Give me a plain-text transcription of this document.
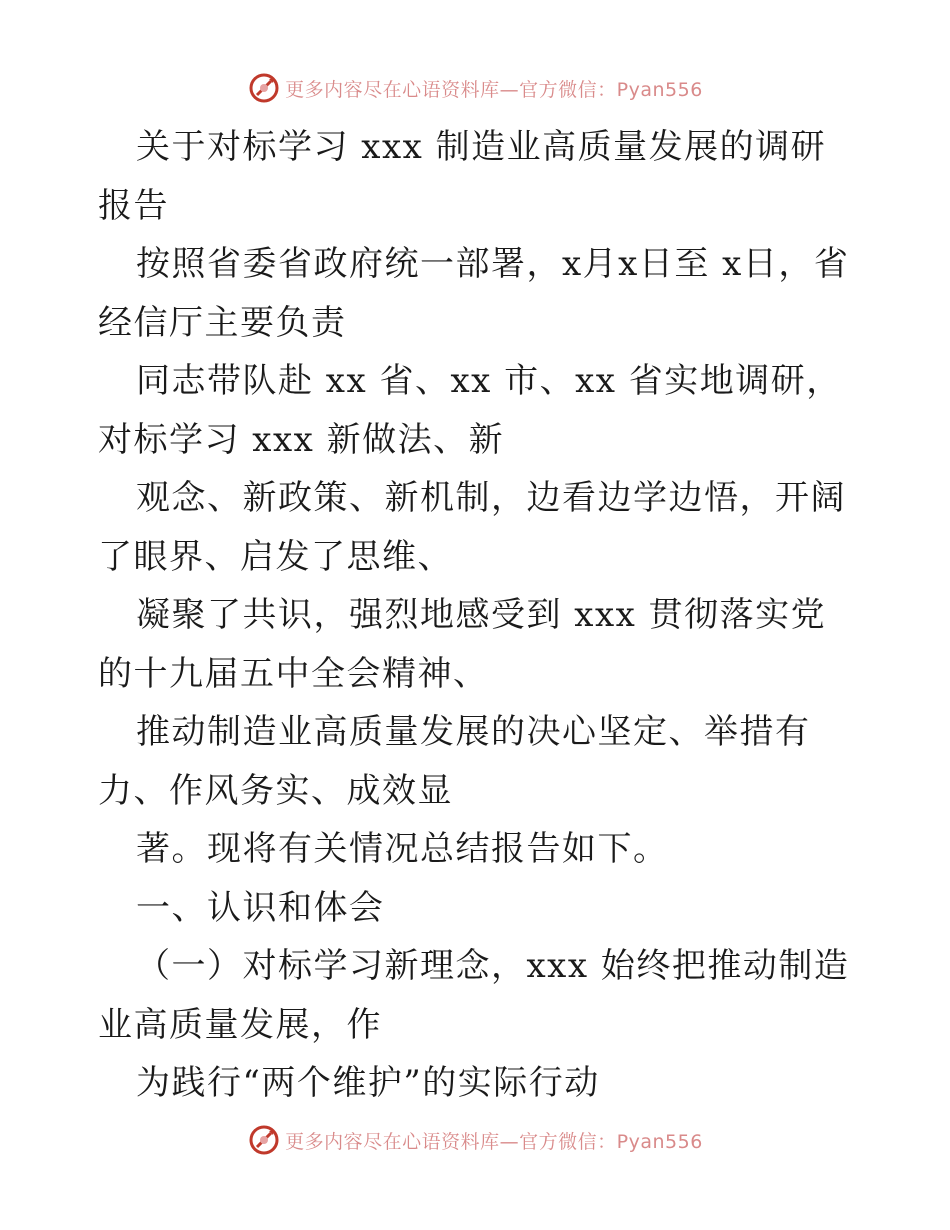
更多内容尽在心语资料库—官方微信：Pyan556

关于对标学习 xxx 制造业高质量发展的调研报告

按照省委省政府统一部署，x月x日至 x日，省经信厅主要负责

同志带队赴 xx 省、xx 市、xx 省实地调研，对标学习 xxx 新做法、新

观念、新政策、新机制，边看边学边悟，开阔了眼界、启发了思维、

凝聚了共识，强烈地感受到 xxx 贯彻落实党的十九届五中全会精神、

推动制造业高质量发展的决心坚定、举措有力、作风务实、成效显

著。现将有关情况总结报告如下。

一、认识和体会

（一）对标学习新理念，xxx 始终把推动制造业高质量发展，作

为践行“两个维护”的实际行动

更多内容尽在心语资料库—官方微信：Pyan556
